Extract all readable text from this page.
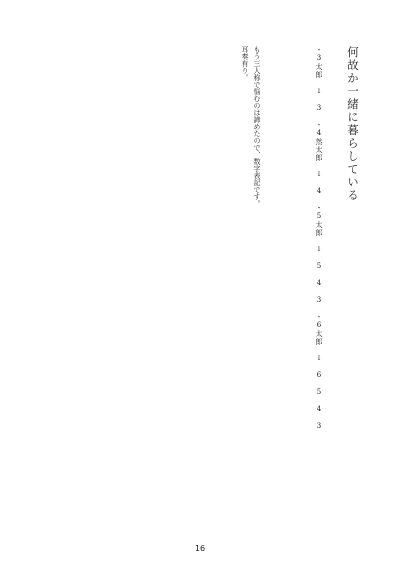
何故か一緒に暮らしている
・3太郎　↓　3 ・4然太郎　↓　4 ・5太郎　↓　5　4　3 ・6太郎　↓　6　5　4　3
もう三人称で悩むのは諦めたので、数字表記です。
耳奏有り。
16
